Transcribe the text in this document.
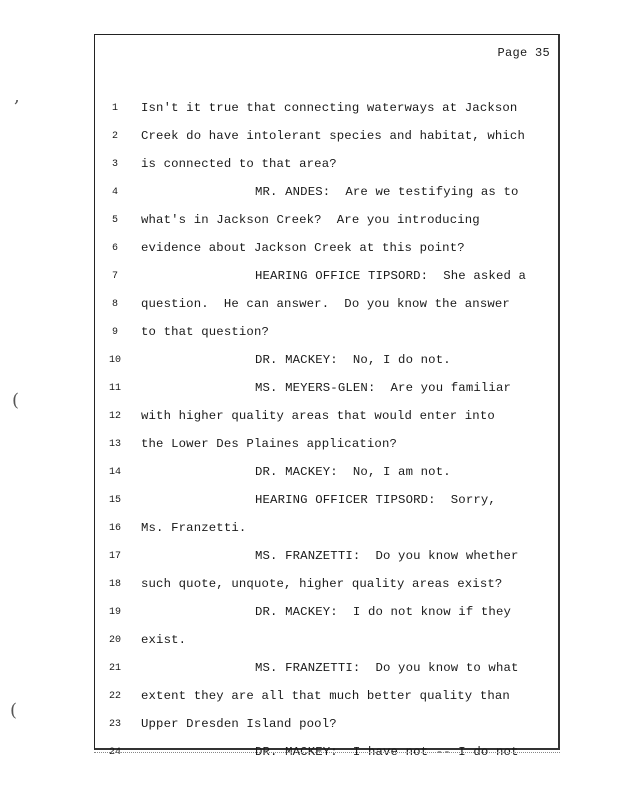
Page 35
1	Isn't it true that connecting waterways at Jackson
2	Creek do have intolerant species and habitat, which
3	is connected to that area?
4	MR. ANDES:  Are we testifying as to
5	what's in Jackson Creek?  Are you introducing
6	evidence about Jackson Creek at this point?
7	HEARING OFFICE TIPSORD:  She asked a
8	question.  He can answer.  Do you know the answer
9	to that question?
10	DR. MACKEY:  No, I do not.
11	MS. MEYERS-GLEN:  Are you familiar
12	with higher quality areas that would enter into
13	the Lower Des Plaines application?
14	DR. MACKEY:  No, I am not.
15	HEARING OFFICER TIPSORD:  Sorry,
16	Ms. Franzetti.
17	MS. FRANZETTI:  Do you know whether
18	such quote, unquote, higher quality areas exist?
19	DR. MACKEY:  I do not know if they
20	exist.
21	MS. FRANZETTI:  Do you know to what
22	extent they are all that much better quality than
23	Upper Dresden Island pool?
24	DR. MACKEY:  I have not -- I do not
,
(
(
